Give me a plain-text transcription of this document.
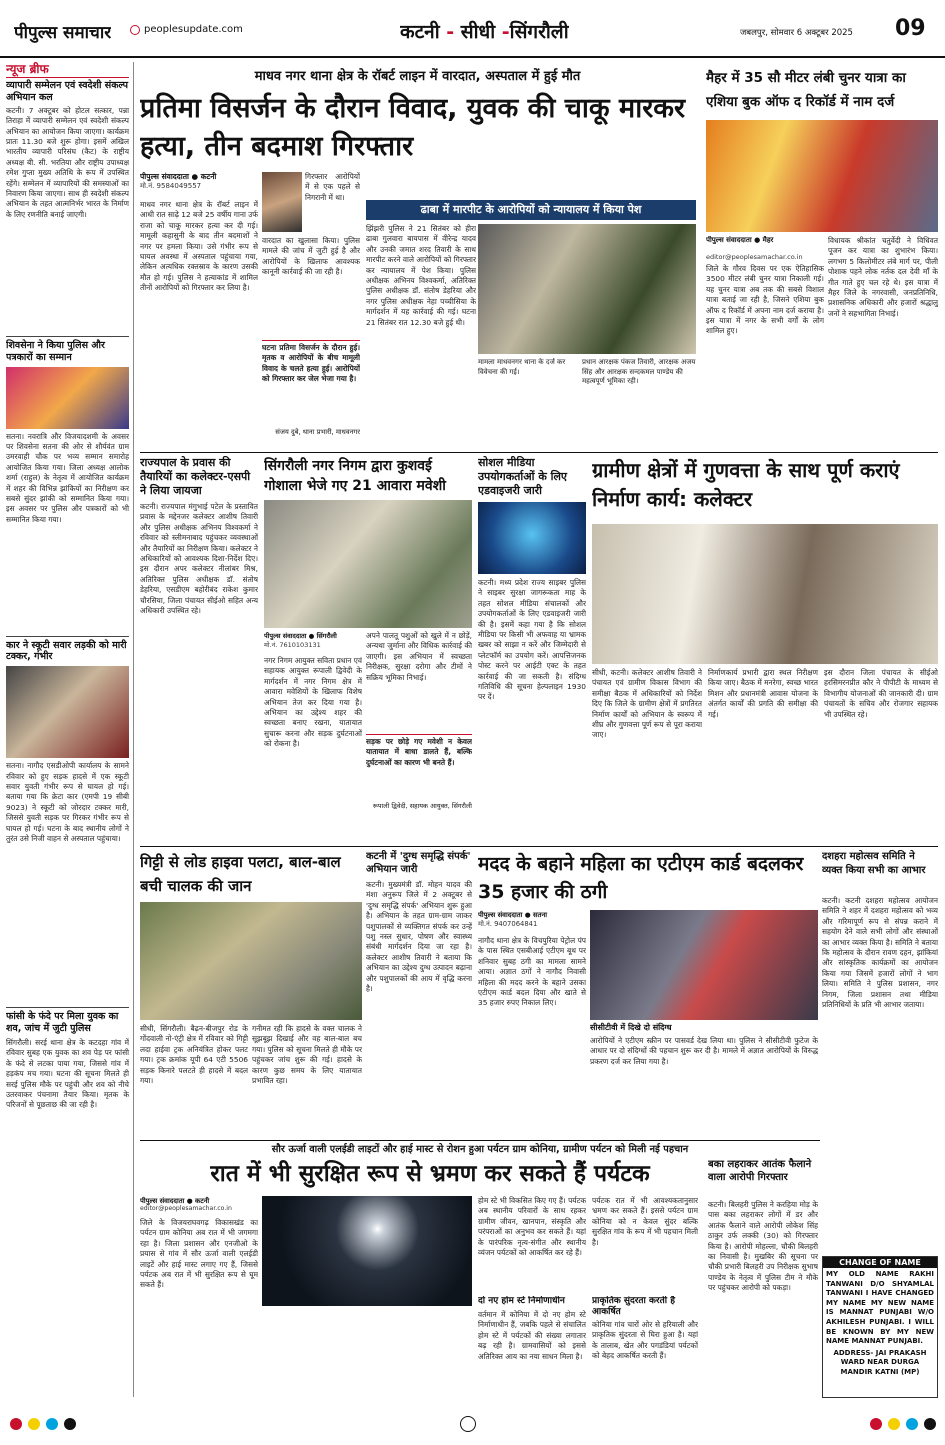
पीपुल्स समाचार	peoplesupdate.com	कटनी - सीधी -सिंगरौली	जबलपुर, सोमवार 6 अक्टूबर 2025 09
न्यूज ब्रीफ
व्यापारी सम्मेलन एवं स्वदेशी संकल्प अभियान कल
कटनी। 7 अक्टूबर को होटल सत्कार, पन्ना तिराहा में व्यापारी सम्मेलन एवं स्वदेशी संकल्प अभियान का आयोजन किया जाएगा। कार्यक्रम प्रातः 11.30 बजे शुरू होगा। इसमें अखिल भारतीय व्यापारी परिसंघ (कैट) के राष्ट्रीय अध्यक्ष बी. सी. भरतिया और राष्ट्रीय उपाध्यक्ष रमेश गुप्ता मुख्य अतिथि के रूप में उपस्थित रहेंगे। सम्मेलन में व्यापारियों की समस्याओं का निवारण किया जाएगा। साथ ही स्वदेशी संकल्प अभियान के तहत आत्मनिर्भर भारत के निर्माण के लिए रणनीति बनाई जाएगी।
शिवसेना ने किया पुलिस और पत्रकारों का सम्मान
सतना। नवरात्रि और विजयादशमी के अवसर पर शिवसेना सतना की ओर से शौर्यवंत ग्राम उमरवाही चौक पर भव्य सम्मान समारोह आयोजित किया गया। जिला अध्यक्ष आलोक शर्मा (राहुल) के नेतृत्व में आयोजित कार्यक्रम में शहर की विभिन्न झांकियों का निरीक्षण कर सबसे सुंदर झांकी को सम्मानित किया गया। इस अवसर पर पुलिस और पत्रकारों को भी सम्मानित किया गया।
कार ने स्कूटी सवार लड़की को मारी टक्कर, गंभीर
सतना। नागौद एसडीओपी कार्यालय के सामने रविवार को हुए सड़क हादसे में एक स्कूटी सवार युवती गंभीर रूप से घायल हो गई। बताया गया कि क्रेटा कार (एमपी 19 सीबी 9023) ने स्कूटी को जोरदार टक्कर मारी, जिससे युवती सड़क पर गिरकर गंभीर रूप से घायल हो गई। घटना के बाद स्थानीय लोगों ने तुरंत उसे निजी वाहन से अस्पताल पहुंचाया।
फांसी के फंदे पर मिला युवक का शव, जांच में जुटी पुलिस
सिंगरौली। सरई थाना क्षेत्र के कटदहा गांव में रविवार सुबह एक युवक का शव पेड़ पर फांसी के फंदे से लटका पाया गया, जिससे गांव में हड़कंप मच गया। घटना की सूचना मिलते ही सरई पुलिस मौके पर पहुंची और शव को नीचे उतरवाकर पंचनामा तैयार किया। मृतक के परिजनों से पूछताछ की जा रही है।
माधव नगर थाना क्षेत्र के रॉबर्ट लाइन में वारदात, अस्पताल में हुई मौत
प्रतिमा विसर्जन के दौरान विवाद, युवक की चाकू मारकर हत्या, तीन बदमाश गिरफ्तार
पीपुल्स संवाददाता ● कटनी
मो.नं. 9584049557
माधव नगर थाना क्षेत्र के रॉबर्ट लाइन में आधी रात साढ़े 12 बजे 25 वर्षीय गाना उर्फ राजा को चाकू मारकर हत्या कर दी गई। मामूली कहासुनी के बाद तीन बदमाशों ने नगर पर हमला किया। उसे गंभीर रूप से घायल अवस्था में अस्पताल पहुंचाया गया, लेकिन अत्यधिक रक्तस्राव के कारण उसकी मौत हो गई। पुलिस ने हत्याकांड में शामिल तीनों आरोपियों को गिरफ्तार कर लिया है।
गिरफ्तार आरोपियों में से एक पहले से निगरानी में था।
वारदात का खुलासा किया। पुलिस मामले की जांच में जुटी हुई है और आरोपियों के खिलाफ आवश्यक कानूनी कार्रवाई की जा रही है।
घटना प्रतिमा विसर्जन के दौरान हुई। मृतक व आरोपियों के बीच मामूली विवाद के चलते हत्या हुई। आरोपियों को गिरफ्तार कर जेल भेजा गया है।
संजय दुबे, थाना प्रभारी, माधवनगर
ढाबा में मारपीट के आरोपियों को न्यायालय में किया पेश
झिंझरी पुलिस ने 21 सितंबर को हीरा ढाबा गुलवारा बायपास में वीरेन्द्र यादव और उनकी जमात शरद तिवारी के साथ मारपीट करने वाले आरोपियों को गिरफ्तार कर न्यायालय में पेश किया। पुलिस अधीक्षक अभिनय विश्वकर्मा, अतिरिक्त पुलिस अधीक्षक डॉ. संतोष डेहरिया और नगर पुलिस अधीक्षक नेहा पच्चीसिया के मार्गदर्शन में यह कार्रवाई की गई। घटना 21 सितंबर रात 12.30 बजे हुई थी।
मामला माधवनगर थाना के दर्ज कर विवेचना की गई।
प्रधान आरक्षक पंकज तिवारी, आरक्षक अजय सिंह और आरक्षक सन्दकमल पाण्डेय की महत्वपूर्ण भूमिका रही।
मैहर में 35 सौ मीटर लंबी चुनर यात्रा का एशिया बुक ऑफ द रिकॉर्ड में नाम दर्ज
पीपुल्स संवाददाता ● मैहर
editor@peoplesamachar.co.in
जिले के गौरव दिवस पर एक ऐतिहासिक 3500 मीटर लंबी चुनर यात्रा निकाली गई। यह चुनर यात्रा अब तक की सबसे विशाल यात्रा बताई जा रही है, जिसने एशिया बुक ऑफ द रिकॉर्ड में अपना नाम दर्ज कराया है। इस यात्रा में नगर के सभी वर्गों के लोग शामिल हुए।
विधायक श्रीकांत चतुर्वेदी ने विधिवत पूजन कर यात्रा का शुभारंभ किया। लगभग 5 किलोमीटर लंबे मार्ग पर, पीली पोशाक पहने लोक नर्तक दल देवी माँ के गीत गाते हुए चल रहे थे। इस यात्रा में मैहर जिले के नगरवासी, जनप्रतिनिधि, प्रशासनिक अधिकारी और हजारों श्रद्धालु जनों ने सहभागिता निभाई।
राज्यपाल के प्रवास की तैयारियों का कलेक्टर-एसपी ने लिया जायजा
कटनी। राज्यपाल मंगुभाई पटेल के प्रस्तावित प्रवास के मद्देनजर कलेक्टर आशीष तिवारी और पुलिस अधीक्षक अभिनय विश्वकर्मा ने रविवार को स्लीमनाबाद पहुंचकर व्यवस्थाओं और तैयारियों का निरीक्षण किया। कलेक्टर ने अधिकारियों को आवश्यक दिशा-निर्देश दिए। इस दौरान अपर कलेक्टर नीलांबर मिश्र, अतिरिक्त पुलिस अधीक्षक डॉ. संतोष डेहरिया, एसडीएम बहोरीबंद राकेश कुमार चौरसिया, जिला पंचायत सीईओ सहित अन्य अधिकारी उपस्थित रहे।
सिंगरौली नगर निगम द्वारा कुशवई गोशाला भेजे गए 21 आवारा मवेशी
पीपुल्स संवाददाता ● सिंगरौली
मो.नं. 7610103131
नगर निगम आयुक्त सविता प्रधान एवं सहायक आयुक्त रूपाली द्विवेदी के मार्गदर्शन में नगर निगम क्षेत्र में आवारा मवेशियों के खिलाफ विशेष अभियान तेज कर दिया गया है। अभियान का उद्देश्य शहर की स्वच्छता बनाए रखना, यातायात सुचारू करना और सड़क दुर्घटनाओं को रोकना है।
अपने पालतू पशुओं को खुले में न छोड़ें, अन्यथा जुर्माना और विधिक कार्रवाई की जाएगी। इस अभियान में स्वच्छता निरीक्षक, सुरक्षा दरोगा और टीमों ने सक्रिय भूमिका निभाई।
सड़क पर छोड़े गए मवेशी न केवल यातायात में बाधा डालते हैं, बल्कि दुर्घटनाओं का कारण भी बनते हैं।
रूपाली द्विवेदी, सहायक आयुक्त, सिंगरौली
सोशल मीडिया उपयोगकर्ताओं के लिए एडवाइजरी जारी
कटनी। मध्य प्रदेश राज्य साइबर पुलिस ने साइबर सुरक्षा जागरूकता माह के तहत सोशल मीडिया संचालकों और उपयोगकर्ताओं के लिए एडवाइजरी जारी की है। इसमें कहा गया है कि सोशल मीडिया पर किसी भी अफवाह या भ्रामक खबर को साझा न करें और जिम्मेदारी से प्लेटफॉर्म का उपयोग करें। आपत्तिजनक पोस्ट करने पर आईटी एक्ट के तहत कार्रवाई की जा सकती है। संदिग्ध गतिविधि की सूचना हेल्पलाइन 1930 पर दें।
ग्रामीण क्षेत्रों में गुणवत्ता के साथ पूर्ण कराएं निर्माण कार्य: कलेक्टर
सीधी, कटनी। कलेक्टर आशीष तिवारी ने पंचायत एवं ग्रामीण विकास विभाग की समीक्षा बैठक में अधिकारियों को निर्देश दिए कि जिले के ग्रामीण क्षेत्रों में प्रगतिरत निर्माण कार्यों को अभियान के स्वरूप में शीघ्र और गुणवत्ता पूर्ण रूप से पूरा कराया जाए।
निर्माणकार्य प्रभारी द्वारा स्थल निरीक्षण किया जाए। बैठक में मनरेगा, स्वच्छ भारत मिशन और प्रधानमंत्री आवास योजना के अंतर्गत कार्यों की प्रगति की समीक्षा की गई।
इस दौरान जिला पंचायत के सीईओ हरसिमरनप्रीत कौर ने पीपीटी के माध्यम से विभागीय योजनाओं की जानकारी दी। ग्राम पंचायतों के सचिव और रोजगार सहायक भी उपस्थित रहे।
गिट्टी से लोड हाइवा पलटा, बाल-बाल बची चालक की जान
सीधी, सिंगरौली। बैढ़न-बीजपुर रोड के गोंदवाली नो-एंट्री क्षेत्र में रविवार को गिट्टी लदा हाईवा ट्रक अनियंत्रित होकर पलट गया। ट्रक क्रमांक यूपी 64 एटी 5506 सड़क किनारे पलटते ही हादसे में बदल गया।
गनीमत रही कि हादसे के वक्त चालक ने सूझबूझ दिखाई और वह बाल-बाल बच गया। पुलिस को सूचना मिलते ही मौके पर पहुंचकर जांच शुरू की गई। हादसे के कारण कुछ समय के लिए यातायात प्रभावित रहा।
कटनी में 'दुग्ध समृद्धि संपर्क' अभियान जारी
कटनी। मुख्यमंत्री डॉ. मोहन यादव की मंशा अनुरूप जिले में 2 अक्टूबर से 'दुग्ध समृद्धि संपर्क' अभियान शुरू हुआ है। अभियान के तहत ग्राम-ग्राम जाकर पशुपालकों से व्यक्तिगत संपर्क कर उन्हें पशु नस्ल सुधार, पोषण और स्वास्थ्य संबंधी मार्गदर्शन दिया जा रहा है। कलेक्टर आशीष तिवारी ने बताया कि अभियान का उद्देश्य दुग्ध उत्पादन बढ़ाना और पशुपालकों की आय में वृद्धि करना है।
मदद के बहाने महिला का एटीएम कार्ड बदलकर 35 हजार की ठगी
पीपुल्स संवाददाता ● सतना
मो.नं. 9407064841
नागौद थाना क्षेत्र के विचपुरिया पेट्रोल पंप के पास स्थित एसबीआई एटीएम बूथ पर शनिवार सुबह ठगी का मामला सामने आया। अज्ञात ठगों ने नागौद निवासी महिला की मदद करने के बहाने उसका एटीएम कार्ड बदल दिया और खाते से 35 हजार रुपए निकाल लिए।
सीसीटीवी में दिखे दो संदिग्ध
आरोपियों ने एटीएम स्क्रीन पर पासवर्ड देख लिया था। पुलिस ने सीसीटीवी फुटेज के आधार पर दो संदिग्धों की पहचान शुरू कर दी है। मामले में अज्ञात आरोपियों के विरुद्ध प्रकरण दर्ज कर लिया गया है।
दशहरा महोत्सव समिति ने व्यक्त किया सभी का आभार
कटनी। कटनी दशहरा महोत्सव आयोजन समिति ने शहर में दशहरा महोत्सव को भव्य और गरिमापूर्ण रूप से संपन्न कराने में सहयोग देने वाले सभी लोगों और संस्थाओं का आभार व्यक्त किया है। समिति ने बताया कि महोत्सव के दौरान रावण दहन, झांकियां और सांस्कृतिक कार्यक्रमों का आयोजन किया गया जिसमें हजारों लोगों ने भाग लिया। समिति ने पुलिस प्रशासन, नगर निगम, जिला प्रशासन तथा मीडिया प्रतिनिधियों के प्रति भी आभार जताया।
सौर ऊर्जा वाली एलईडी लाइटों और हाई मास्ट से रोशन हुआ पर्यटन ग्राम कोनिया, ग्रामीण पर्यटन को मिली नई पहचान
रात में भी सुरक्षित रूप से भ्रमण कर सकते हैं पर्यटक
पीपुल्स संवाददाता ● कटनी
editor@peoplesamachar.co.in
जिले के विजयराघवगढ़ विकासखंड का पर्यटन ग्राम कोनिया अब रात में भी जगमगा रहा है। जिला प्रशासन और एनजीओ के प्रयास से गांव में सौर ऊर्जा वाली एलईडी लाइटें और हाई मास्ट लगाए गए हैं, जिससे पर्यटक अब रात में भी सुरक्षित रूप से घूम सकते हैं।
होम स्टे भी विकसित किए गए हैं। पर्यटक अब स्थानीय परिवारों के साथ रहकर ग्रामीण जीवन, खानपान, संस्कृति और परंपराओं का अनुभव कर सकते हैं। यहां के पारंपरिक नृत्य-संगीत और स्थानीय व्यंजन पर्यटकों को आकर्षित कर रहे हैं।
दो नए होम स्टे निर्माणाधीन
वर्तमान में कोनिया में दो नए होम स्टे निर्माणाधीन हैं, जबकि पहले से संचालित होम स्टे में पर्यटकों की संख्या लगातार बढ़ रही है। ग्रामवासियों को इससे अतिरिक्त आय का नया साधन मिला है।
पर्यटक रात में भी आवश्यकतानुसार भ्रमण कर सकते हैं। इससे पर्यटन ग्राम कोनिया को न केवल सुंदर बल्कि सुरक्षित गांव के रूप में भी पहचान मिली है।
प्राकृतिक सुंदरता करती है आकर्षित
कोनिया गांव चारों ओर से हरियाली और प्राकृतिक सुंदरता से घिरा हुआ है। यहां के तालाब, खेत और पगडंडियां पर्यटकों को बेहद आकर्षित करती हैं।
बका लहराकर आतंक फैलाने वाला आरोपी गिरफ्तार
कटनी। बिलहरी पुलिस ने करहिया मोड़ के पास बका लहराकर लोगों में डर और आतंक फैलाने वाले आरोपी लोकेश सिंह ठाकुर उर्फ लक्की (30) को गिरफ्तार किया है। आरोपी मोहल्ला, चौकी बिलहरी का निवासी है। मुखबिर की सूचना पर चौकी प्रभारी बिलहरी उप निरीक्षक सुभाष पाण्डेय के नेतृत्व में पुलिस टीम ने मौके पर पहुंचकर आरोपी को पकड़ा।
CHANGE OF NAME
MY OLD NAME RAKHI TANWANI D/O SHYAMLAL TANWANI I HAVE CHANGED MY NAME MY NEW NAME IS MANNAT PUNJABI W/O AKHILESH PUNJABI. I WILL BE KNOWN BY MY NEW NAME MANNAT PUNJABI.
ADDRESS- JAI PRAKASH WARD NEAR DURGA MANDIR KATNI (MP)
